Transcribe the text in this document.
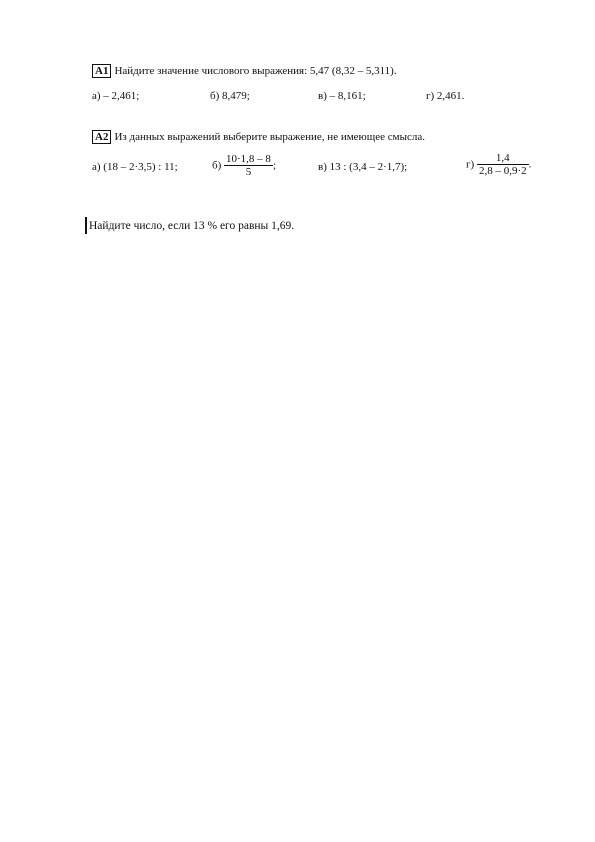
A1 Найдите значение числового выражения: 5,47 (8,32 – 5,311).
а) – 2,461;	б) 8,479;	в) – 8,161;	г) 2,461.
A2 Из данных выражений выберите выражение, не имеющее смысла.
а) (18 – 2·3,5) : 11;	$б) \frac{10\cdot 1,8 - 8}{5}$ ;	в) 13 : (3,4 – 2·1,7);	$г) \frac{1,4}{2,8 - 0,9\cdot 2}$ .
Найдите число, если 13 % его равны 1,69.
